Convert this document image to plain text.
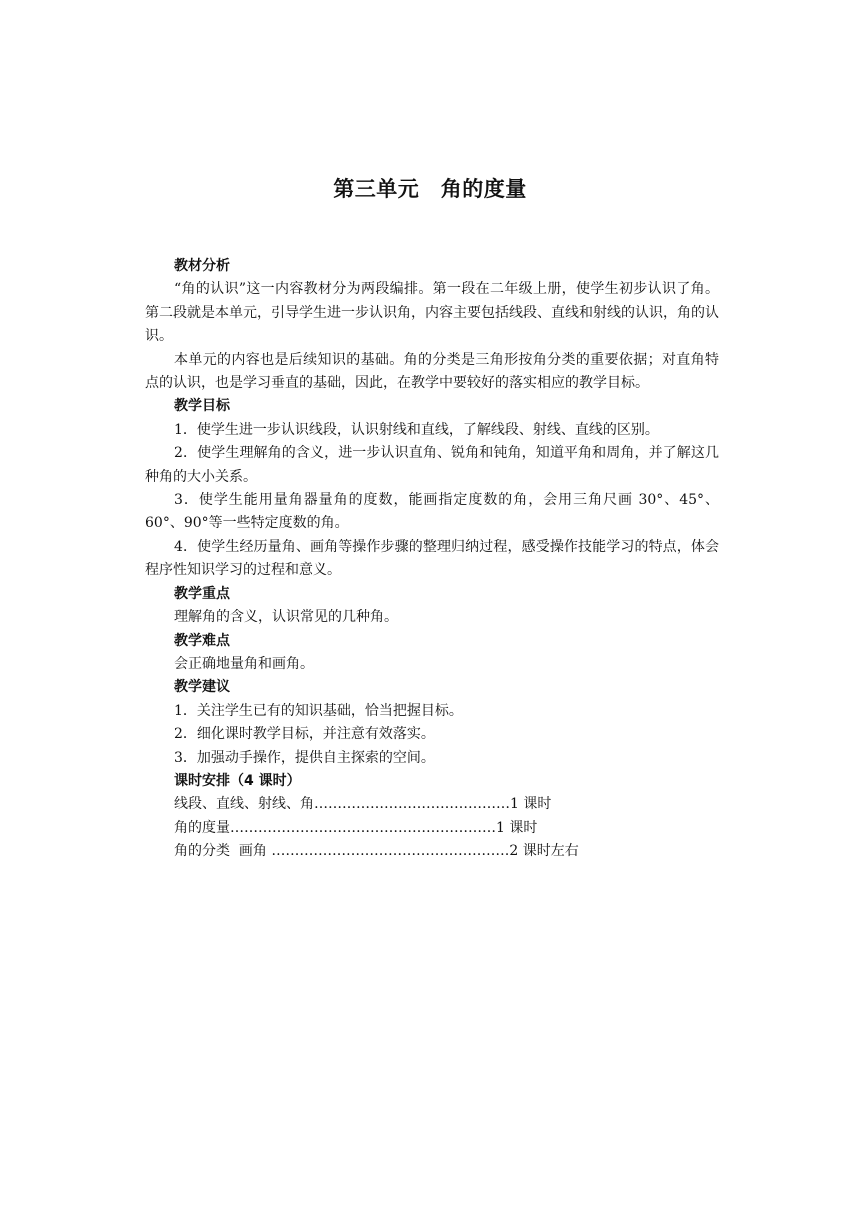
第三单元　角的度量
教材分析

“角的认识”这一内容教材分为两段编排。第一段在二年级上册，使学生初步认识了角。第二段就是本单元，引导学生进一步认识角，内容主要包括线段、直线和射线的认识，角的认识。

本单元的内容也是后续知识的基础。角的分类是三角形按角分类的重要依据；对直角特点的认识，也是学习垂直的基础，因此，在教学中要较好的落实相应的教学目标。

教学目标

1．使学生进一步认识线段，认识射线和直线，了解线段、射线、直线的区别。

2．使学生理解角的含义，进一步认识直角、锐角和钝角，知道平角和周角，并了解这几种角的大小关系。

3．使学生能用量角器量角的度数，能画指定度数的角，会用三角尺画 30°、45°、60°、90°等一些特定度数的角。

4．使学生经历量角、画角等操作步骤的整理归纳过程，感受操作技能学习的特点，体会程序性知识学习的过程和意义。

教学重点

理解角的含义，认识常见的几种角。

教学难点

会正确地量角和画角。

教学建议

1．关注学生已有的知识基础，恰当把握目标。

2．细化课时教学目标，并注意有效落实。

3．加强动手操作，提供自主探索的空间。

课时安排（4 课时）

线段、直线、射线、角……………………………………1 课时

角的度量…………………………………………………1 课时

角的分类  画角 ……………………………………………2 课时左右
